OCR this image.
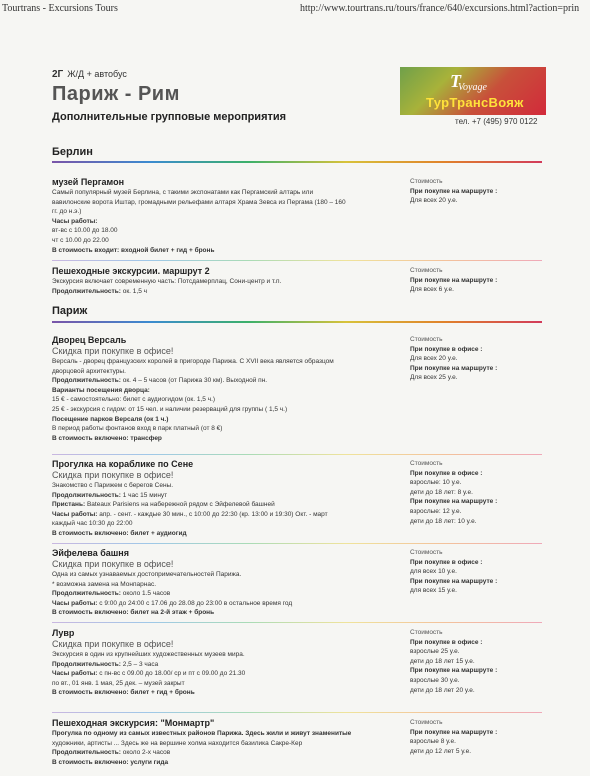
Tourtrans - Excursions Tours	http://www.tourtrans.ru/tours/france/640/excursions.html?action=prin
2Г Ж/Д + автобус
Париж - Рим
Дополнительные групповые мероприятия
T
Voyage
ТурТрансВояж
тел. +7 (495) 970 0122
Берлин
музей Пергамон
Самый популярный музей Берлина, с такими экспонатами как Пергамский алтарь или
вавилонские ворота Иштар, громадными рельефами алтаря Храма Зевса из Пергама (180 – 160
гг. до н.э.)
Часы работы:
вт-вс с 10.00 до 18.00
чт с 10.00 до 22.00
В стоимость входит: входной билет + гид + бронь
Стоимость
При покупке на маршруте :
Для всех 20 у.е.
Пешеходные экскурсии. маршрут 2
Экскурсия включает современную часть: Потсдамерплац, Сони-центр и т.п.
Продолжительность: ок. 1,5 ч
Стоимость
При покупке на маршруте :
Для всех 6 у.е.
Париж
Дворец Версаль
Скидка при покупке в офисе!
Версаль - дворец французских королей в пригороде Парижа. С XVII века является образцом
дворцовой архитектуры.
Продолжительность: ок. 4 – 5 часов (от Парижа 30 км). Выходной пн.
Варианты посещения дворца:
15 € - самостоятельно: билет с аудиогидом (ок. 1,5 ч.)
25 € - экскурсия с гидом: от 15 чел. и наличии резерваций для группы ( 1,5 ч.)
Посещение парков Версаля (ок 1 ч.)
В период работы фонтанов вход в парк платный (от 8 €)
В стоимость включено: трансфер
Стоимость
При покупке в офисе :
Для всех 20 у.е.
При покупке на маршруте :
Для всех 25 у.е.
Прогулка на кораблике по Сене
Скидка при покупке в офисе!
Знакомство с Парижем с берегов Сены.
Продолжительность: 1 час 15 минут
Пристань: Bateaux Parisiens на набережной рядом с Эйфелевой башней
Часы работы: апр. - сент. - каждые 30 мин., с 10:00 до 22:30 (кр. 13:00 и 19:30) Окт. - март
каждый час 10:30 до 22:00
В стоимость включено: билет + аудиогид
Стоимость
При покупке в офисе :
взрослые: 10 у.е.
дети до 18 лет: 8 у.е.
При покупке на маршруте :
взрослые: 12 у.е.
дети до 18 лет: 10 у.е.
Эйфелева башня
Скидка при покупке в офисе!
Одна из самых узнаваемых достопримечательностей Парижа.
* возможна замена на Монпарнас.
Продолжительность: около 1.5 часов
Часы работы: с 9:00 до 24:00 с 17.06 до 28.08 до 23:00 в остальное время год
В стоимость включено: билет на 2-й этаж + бронь
Стоимость
При покупке в офисе :
для всех 10 у.е.
При покупке на маршруте :
для всех 15 у.е.
Лувр
Скидка при покупке в офисе!
Экскурсия в один из крупнейших художественных музеев мира.
Продолжительность: 2,5 – 3 часа
Часы работы: с пн-вс с 09.00 до 18.00/ ср и пт с 09.00 до 21.30
по вт., 01 янв. 1 мая, 25 дек. – музей закрыт
В стоимость включено: билет + гид + бронь
Стоимость
При покупке в офисе :
взрослые 25 у.е.
дети до 18 лет 15 у.е.
При покупке на маршруте :
взрослые 30 у.е.
дети до 18 лет 20 у.е.
Пешеходная экскурсия: "Монмартр"
Прогулка по одному из самых известных районов Парижа. Здесь жили и живут знаменитые
художники, артисты ... Здесь же на вершине холма находится базилика Сакре-Кер
Продолжительность: около 2-х часов
В стоимость включено: услуги гида
Стоимость
При покупке на маршруте :
взрослые 8 у.е.
дети до 12 лет 5 у.е.
